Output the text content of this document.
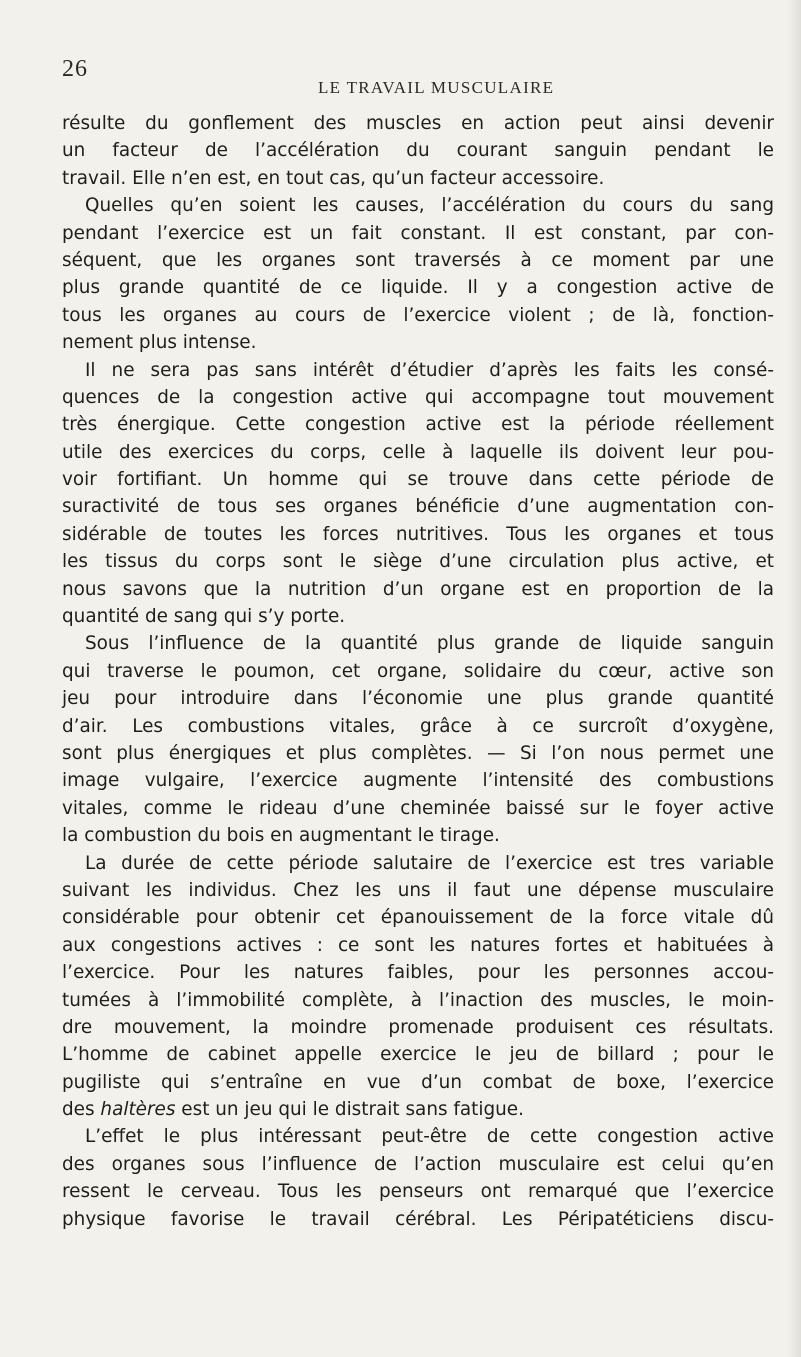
26
LE TRAVAIL MUSCULAIRE
résulte du gonflement des muscles en action peut ainsi devenir
un facteur de l’accélération du courant sanguin pendant le
travail. Elle n’en est, en tout cas, qu’un facteur accessoire.
Quelles qu’en soient les causes, l’accélération du cours du sang
pendant l’exercice est un fait constant. Il est constant, par con-
séquent, que les organes sont traversés à ce moment par une
plus grande quantité de ce liquide. Il y a congestion active de
tous les organes au cours de l’exercice violent ; de là, fonction-
nement plus intense.
Il ne sera pas sans intérêt d’étudier d’après les faits les consé-
quences de la congestion active qui accompagne tout mouvement
très énergique. Cette congestion active est la période réellement
utile des exercices du corps, celle à laquelle ils doivent leur pou-
voir fortifiant. Un homme qui se trouve dans cette période de
suractivité de tous ses organes bénéficie d’une augmentation con-
sidérable de toutes les forces nutritives. Tous les organes et tous
les tissus du corps sont le siège d’une circulation plus active, et
nous savons que la nutrition d’un organe est en proportion de la
quantité de sang qui s’y porte.
Sous l’influence de la quantité plus grande de liquide sanguin
qui traverse le poumon, cet organe, solidaire du cœur, active son
jeu pour introduire dans l’économie une plus grande quantité
d’air. Les combustions vitales, grâce à ce surcroît d’oxygène,
sont plus énergiques et plus complètes. — Si l’on nous permet une
image vulgaire, l’exercice augmente l’intensité des combustions
vitales, comme le rideau d’une cheminée baissé sur le foyer active
la combustion du bois en augmentant le tirage.
La durée de cette période salutaire de l’exercice est tres variable
suivant les individus. Chez les uns il faut une dépense musculaire
considérable pour obtenir cet épanouissement de la force vitale dû
aux congestions actives : ce sont les natures fortes et habituées à
l’exercice. Pour les natures faibles, pour les personnes accou-
tumées à l’immobilité complète, à l’inaction des muscles, le moin-
dre mouvement, la moindre promenade produisent ces résultats.
L’homme de cabinet appelle exercice le jeu de billard ; pour le
pugiliste qui s’entraîne en vue d’un combat de boxe, l’exercice
des haltères est un jeu qui le distrait sans fatigue.
L’effet le plus intéressant peut-être de cette congestion active
des organes sous l’influence de l’action musculaire est celui qu’en
ressent le cerveau. Tous les penseurs ont remarqué que l’exercice
physique favorise le travail cérébral. Les Péripatéticiens discu-
